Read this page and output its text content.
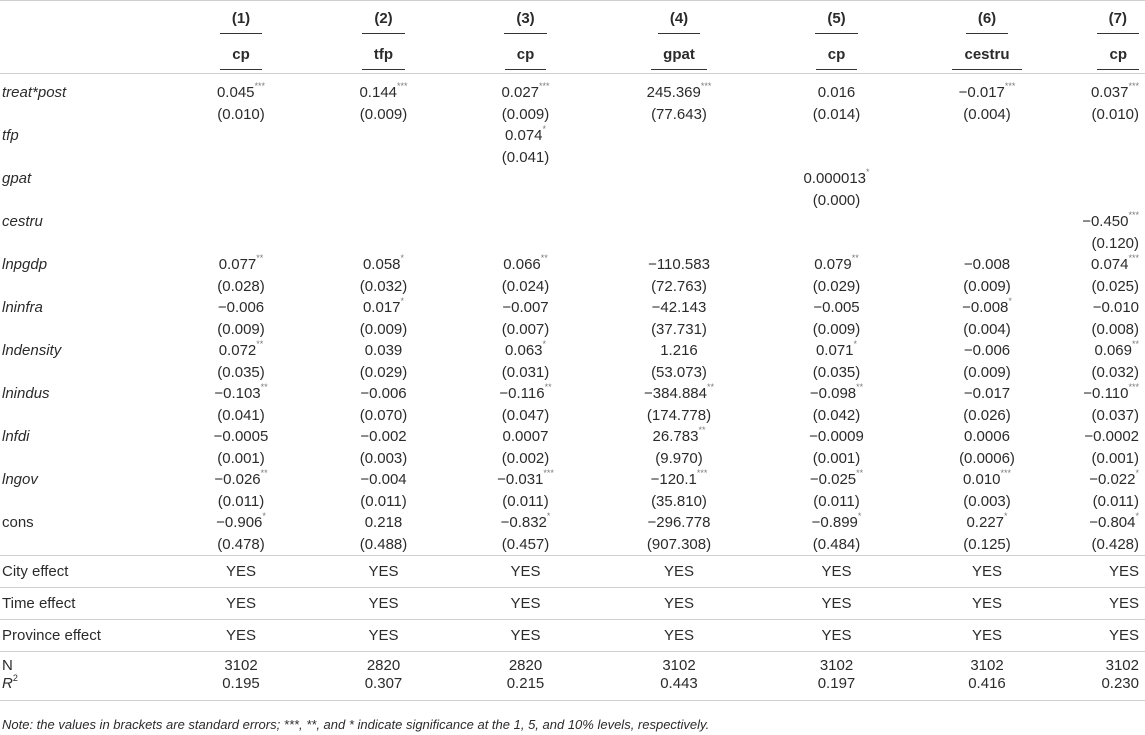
	(1)	(2)	(3)	(4)	(5)	(6)	(7)
	cp	tfp	cp	gpat	cp	cestru	cp

treat*post	0.045***	0.144***	0.027***	245.369***	0.016	−0.017***	0.037***
	(0.010)	(0.009)	(0.009)	(77.643)	(0.014)	(0.004)	(0.010)
tfp			0.074*				
			(0.041)				
gpat					0.000013*		
					(0.000)		
cestru							−0.450***
							(0.120)
lnpgdp	0.077**	0.058*	0.066**	−110.583	0.079**	−0.008	0.074***
	(0.028)	(0.032)	(0.024)	(72.763)	(0.029)	(0.009)	(0.025)
lninfra	−0.006	0.017*	−0.007	−42.143	−0.005	−0.008*	−0.010
	(0.009)	(0.009)	(0.007)	(37.731)	(0.009)	(0.004)	(0.008)
lndensity	0.072**	0.039	0.063*	1.216	0.071*	−0.006	0.069**
	(0.035)	(0.029)	(0.031)	(53.073)	(0.035)	(0.009)	(0.032)
lnindus	−0.103**	−0.006	−0.116**	−384.884**	−0.098**	−0.017	−0.110***
	(0.041)	(0.070)	(0.047)	(174.778)	(0.042)	(0.026)	(0.037)
lnfdi	−0.0005	−0.002	0.0007	26.783**	−0.0009	0.0006	−0.0002
	(0.001)	(0.003)	(0.002)	(9.970)	(0.001)	(0.0006)	(0.001)
lngov	−0.026**	−0.004	−0.031***	−120.1***	−0.025**	0.010***	−0.022*
	(0.011)	(0.011)	(0.011)	(35.810)	(0.011)	(0.003)	(0.011)
cons	−0.906*	0.218	−0.832*	−296.778	−0.899*	0.227*	−0.804*
	(0.478)	(0.488)	(0.457)	(907.308)	(0.484)	(0.125)	(0.428)
City effect	YES	YES	YES	YES	YES	YES	YES
Time effect	YES	YES	YES	YES	YES	YES	YES
Province effect	YES	YES	YES	YES	YES	YES	YES
N	3102	2820	2820	3102	3102	3102	3102
$R^2$	0.195	0.307	0.215	0.443	0.197	0.416	0.230
Note: the values in brackets are standard errors; ***, **, and * indicate significance at the 1, 5, and 10% levels, respectively.
